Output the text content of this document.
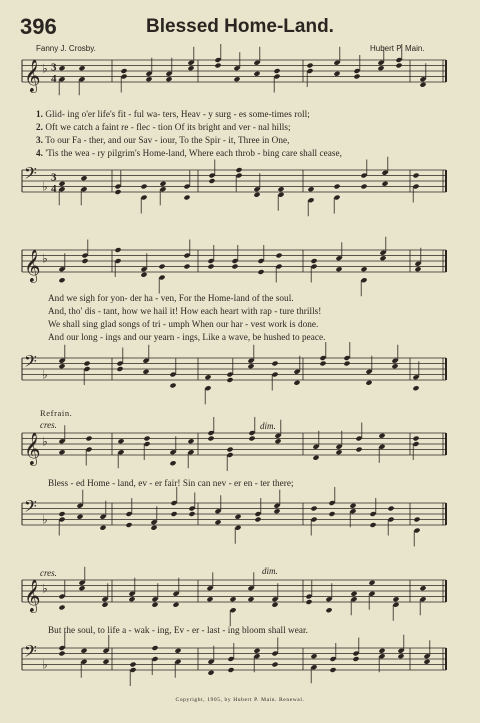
396	Blessed Home-Land.
Fanny J. Crosby.	Hubert P. Main.
𝄞 ♭ 3
4
1. Glid- ing o'er life's fit - ful wa- ters, Heav - y surg - es some-times roll;
2. Oft we catch a faint re - flec - tion Of its bright and ver - nal hills;
3. To our Fa - ther, and our Sav - iour, To the Spir - it, Three in One,
4. 'Tis the wea - ry pilgrim's Home-land, Where each throb - bing care shall cease,
𝄢 ♭
3
4
𝄞 ♭
And we sigh for yon- der ha - ven, For the Home-land of the soul.
And, tho' dis - tant, how we hail it! How each heart with rap - ture thrills!
We shall sing glad songs of tri - umph When our har - vest work is done.
And our long - ings and our yearn - ings, Like a wave, be hushed to peace.
𝄢 ♭
Refrain.
cres.	dim.
𝄞 ♭
Bless - ed Home - land, ev - er fair! Sin can nev - er en - ter there;
𝄢 ♭
cres.	dim.
𝄞 ♭
But the soul, to life a - wak - ing, Ev - er - last - ing bloom shall wear.
𝄢 ♭
Copyright, 1905, by Hubert P. Main. Renewal.
